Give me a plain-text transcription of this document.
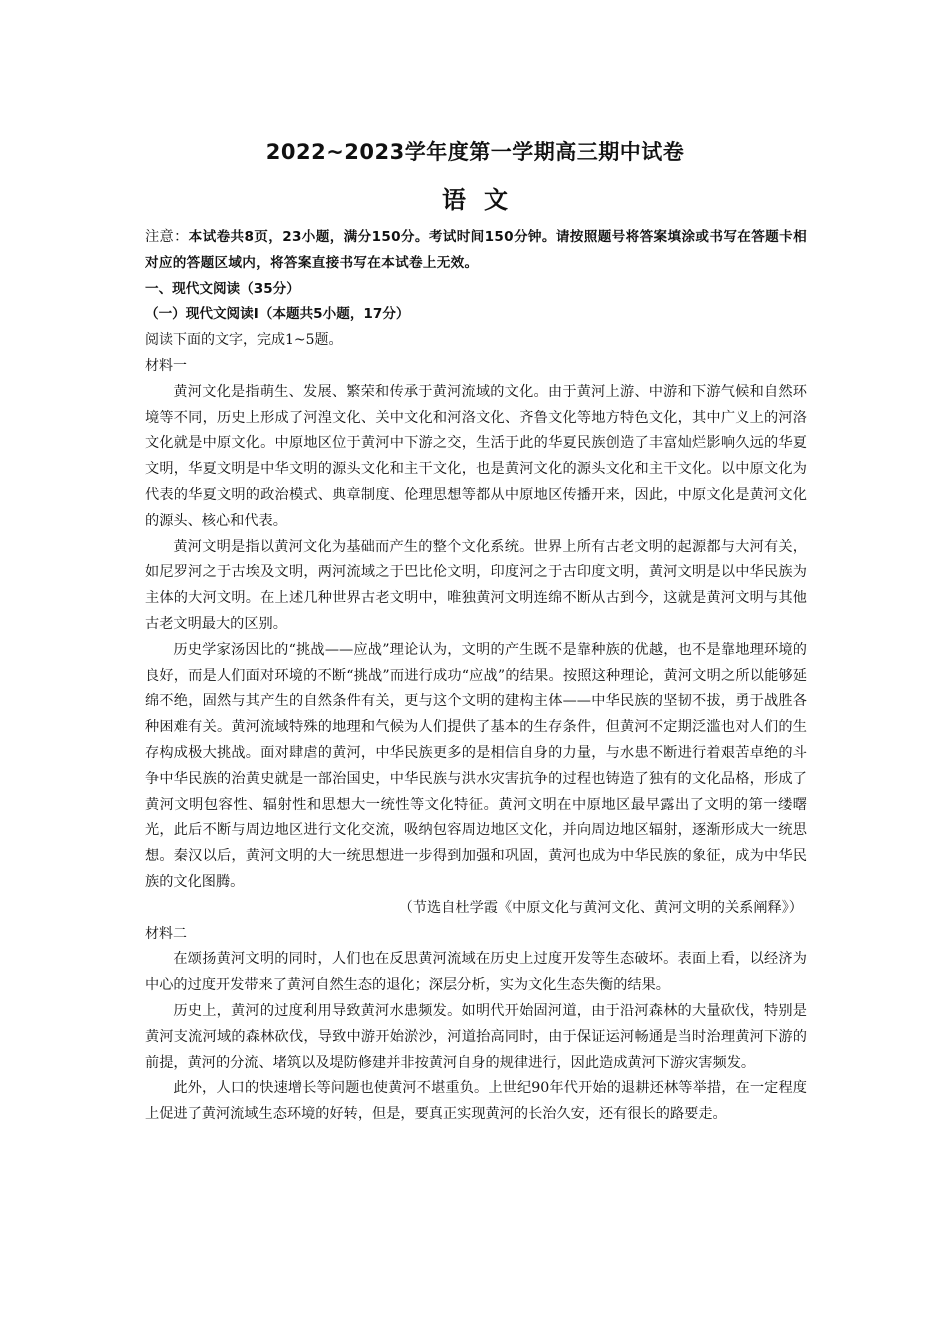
2022~2023学年度第一学期高三期中试卷
语 文

注意：本试卷共8页，23小题，满分150分。考试时间150分钟。请按照题号将答案填涂或书写在答题卡相对应的答题区域内，将答案直接书写在本试卷上无效。

一、现代文阅读（35分）

（一）现代文阅读Ⅰ（本题共5小题，17分）

阅读下面的文字，完成1~5题。

材料一

黄河文化是指萌生、发展、繁荣和传承于黄河流域的文化。由于黄河上游、中游和下游气候和自然环境等不同，历史上形成了河湟文化、关中文化和河洛文化、齐鲁文化等地方特色文化，其中广义上的河洛文化就是中原文化。中原地区位于黄河中下游之交，生活于此的华夏民族创造了丰富灿烂影响久远的华夏文明，华夏文明是中华文明的源头文化和主干文化，也是黄河文化的源头文化和主干文化。以中原文化为代表的华夏文明的政治模式、典章制度、伦理思想等都从中原地区传播开来，因此，中原文化是黄河文化的源头、核心和代表。

黄河文明是指以黄河文化为基础而产生的整个文化系统。世界上所有古老文明的起源都与大河有关，如尼罗河之于古埃及文明，两河流域之于巴比伦文明，印度河之于古印度文明，黄河文明是以中华民族为主体的大河文明。在上述几种世界古老文明中，唯独黄河文明连绵不断从古到今，这就是黄河文明与其他古老文明最大的区别。

历史学家汤因比的“挑战——应战”理论认为，文明的产生既不是靠种族的优越，也不是靠地理环境的良好，而是人们面对环境的不断“挑战”而进行成功“应战”的结果。按照这种理论，黄河文明之所以能够延绵不绝，固然与其产生的自然条件有关，更与这个文明的建构主体——中华民族的坚韧不拔，勇于战胜各种困难有关。黄河流域特殊的地理和气候为人们提供了基本的生存条件，但黄河不定期泛滥也对人们的生存构成极大挑战。面对肆虐的黄河，中华民族更多的是相信自身的力量，与水患不断进行着艰苦卓绝的斗争中华民族的治黄史就是一部治国史，中华民族与洪水灾害抗争的过程也铸造了独有的文化品格，形成了黄河文明包容性、辐射性和思想大一统性等文化特征。黄河文明在中原地区最早露出了文明的第一缕曙光，此后不断与周边地区进行文化交流，吸纳包容周边地区文化，并向周边地区辐射，逐渐形成大一统思想。秦汉以后，黄河文明的大一统思想进一步得到加强和巩固，黄河也成为中华民族的象征，成为中华民族的文化图腾。

（节选自杜学霞《中原文化与黄河文化、黄河文明的关系阐释》）

材料二

在颂扬黄河文明的同时，人们也在反思黄河流域在历史上过度开发等生态破坏。表面上看，以经济为中心的过度开发带来了黄河自然生态的退化；深层分析，实为文化生态失衡的结果。

历史上，黄河的过度利用导致黄河水患频发。如明代开始固河道，由于沿河森林的大量砍伐，特别是黄河支流河域的森林砍伐，导致中游开始淤沙，河道抬高同时，由于保证运河畅通是当时治理黄河下游的前提，黄河的分流、堵筑以及堤防修建并非按黄河自身的规律进行，因此造成黄河下游灾害频发。

此外，人口的快速增长等问题也使黄河不堪重负。上世纪90年代开始的退耕还林等举措，在一定程度上促进了黄河流域生态环境的好转，但是，要真正实现黄河的长治久安，还有很长的路要走。
